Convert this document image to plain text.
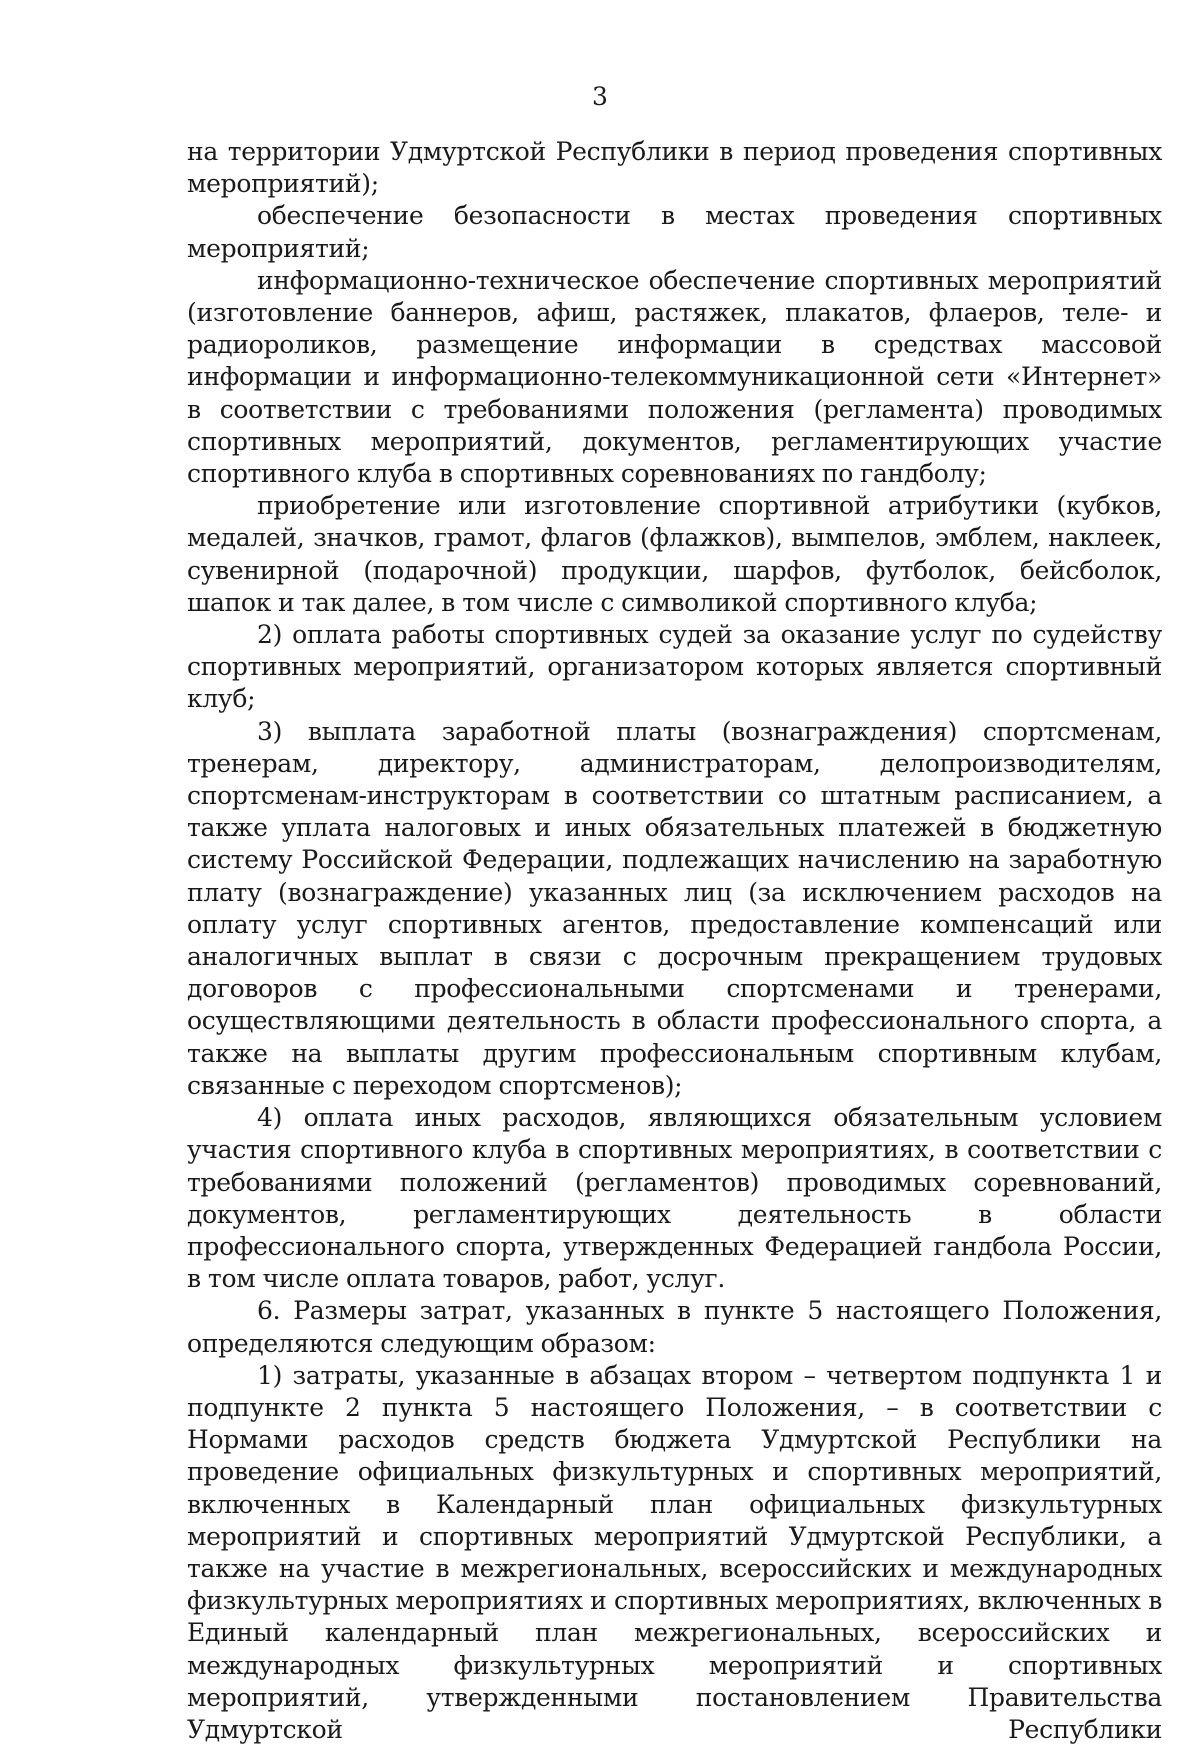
3

на территории Удмуртской Республики в период проведения спортивных мероприятий);

обеспечение безопасности в местах проведения спортивных мероприятий;

информационно-техническое обеспечение спортивных мероприятий (изготовление баннеров, афиш, растяжек, плакатов, флаеров, теле- и радиороликов, размещение информации в средствах массовой информации и информационно-телекоммуникационной сети «Интернет» в соответствии с требованиями положения (регламента) проводимых спортивных мероприятий, документов, регламентирующих участие спортивного клуба в спортивных соревнованиях по гандболу;

приобретение или изготовление спортивной атрибутики (кубков, медалей, значков, грамот, флагов (флажков), вымпелов, эмблем, наклеек, сувенирной (подарочной) продукции, шарфов, футболок, бейсболок, шапок и так далее, в том числе с символикой спортивного клуба;

2) оплата работы спортивных судей за оказание услуг по судейству спортивных мероприятий, организатором которых является спортивный клуб;

3) выплата заработной платы (вознаграждения) спортсменам, тренерам, директору, администраторам, делопроизводителям, спортсменам-инструкторам в соответствии со штатным расписанием, а также уплата налоговых и иных обязательных платежей в бюджетную систему Российской Федерации, подлежащих начислению на заработную плату (вознаграждение) указанных лиц (за исключением расходов на оплату услуг спортивных агентов, предоставление компенсаций или аналогичных выплат в связи с досрочным прекращением трудовых договоров с профессиональными спортсменами и тренерами, осуществляющими деятельность в области профессионального спорта, а также на выплаты другим профессиональным спортивным клубам, связанные с переходом спортсменов);

4) оплата иных расходов, являющихся обязательным условием участия спортивного клуба в спортивных мероприятиях, в соответствии с требованиями положений (регламентов) проводимых соревнований, документов, регламентирующих деятельность в области профессионального спорта, утвержденных Федерацией гандбола России, в том числе оплата товаров, работ, услуг.

6. Размеры затрат, указанных в пункте 5 настоящего Положения, определяются следующим образом:

1) затраты, указанные в абзацах втором – четвертом подпункта 1 и подпункте 2 пункта 5 настоящего Положения, – в соответствии с Нормами расходов средств бюджета Удмуртской Республики на проведение официальных физкультурных и спортивных мероприятий, включенных в Календарный план официальных физкультурных мероприятий и спортивных мероприятий Удмуртской Республики, а также на участие в межрегиональных, всероссийских и международных физкультурных мероприятиях и спортивных мероприятиях, включенных в Единый календарный план межрегиональных, всероссийских и международных физкультурных мероприятий и спортивных мероприятий, утвержденными постановлением Правительства Удмуртской Республики
